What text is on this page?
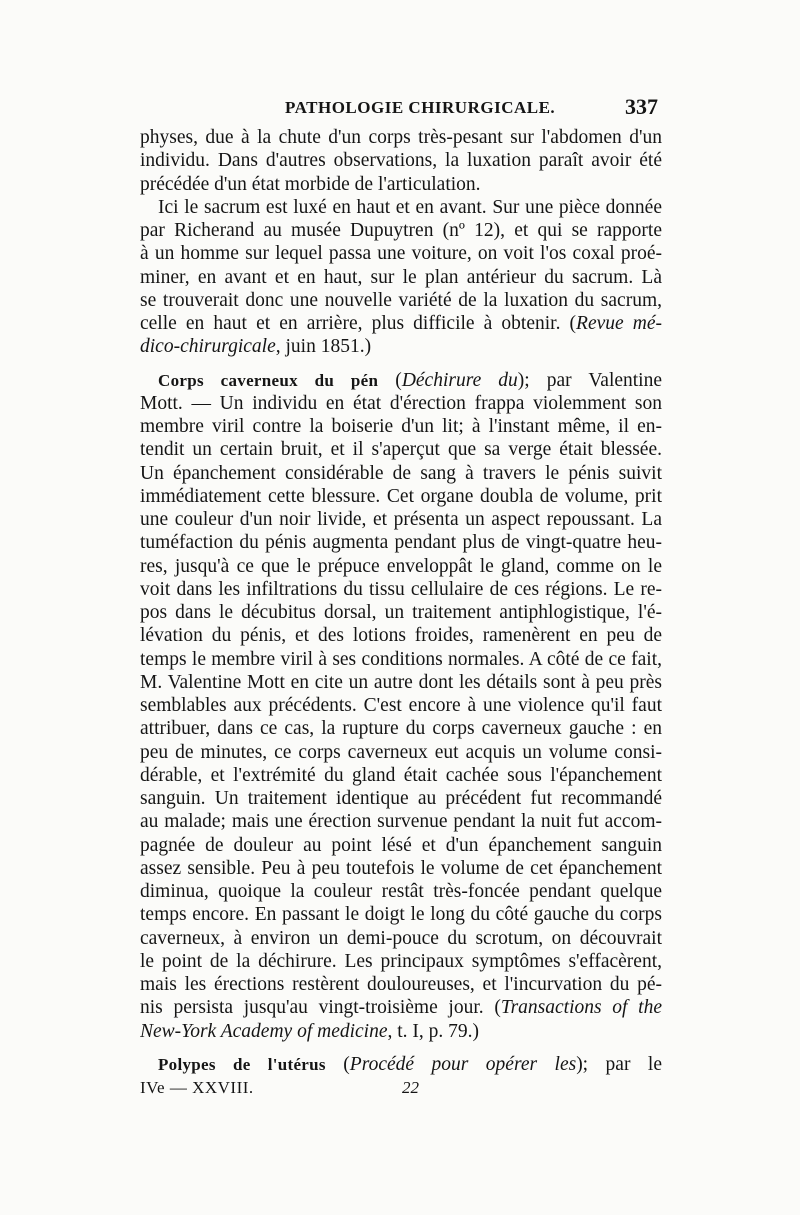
PATHOLOGIE CHIRURGICALE.	337
physes, due à la chute d'un corps très-pesant sur l'abdomen d'un
individu. Dans d'autres observations, la luxation paraît avoir été
précédée d'un état morbide de l'articulation.
Ici le sacrum est luxé en haut et en avant. Sur une pièce donnée
par Richerand au musée Dupuytren (nº 12), et qui se rapporte
à un homme sur lequel passa une voiture, on voit l'os coxal proé-
miner, en avant et en haut, sur le plan antérieur du sacrum. Là
se trouverait donc une nouvelle variété de la luxation du sacrum,
celle en haut et en arrière, plus difficile à obtenir. (Revue mé-
dico-chirurgicale, juin 1851.)
Corps caverneux du pén (Déchirure du); par Valentine
Mott. — Un individu en état d'érection frappa violemment son
membre viril contre la boiserie d'un lit; à l'instant même, il en-
tendit un certain bruit, et il s'aperçut que sa verge était blessée.
Un épanchement considérable de sang à travers le pénis suivit
immédiatement cette blessure. Cet organe doubla de volume, prit
une couleur d'un noir livide, et présenta un aspect repoussant. La
tuméfaction du pénis augmenta pendant plus de vingt-quatre heu-
res, jusqu'à ce que le prépuce enveloppât le gland, comme on le
voit dans les infiltrations du tissu cellulaire de ces régions. Le re-
pos dans le décubitus dorsal, un traitement antiphlogistique, l'é-
lévation du pénis, et des lotions froides, ramenèrent en peu de
temps le membre viril à ses conditions normales. A côté de ce fait,
M. Valentine Mott en cite un autre dont les détails sont à peu près
semblables aux précédents. C'est encore à une violence qu'il faut
attribuer, dans ce cas, la rupture du corps caverneux gauche : en
peu de minutes, ce corps caverneux eut acquis un volume consi-
dérable, et l'extrémité du gland était cachée sous l'épanchement
sanguin. Un traitement identique au précédent fut recommandé
au malade; mais une érection survenue pendant la nuit fut accom-
pagnée de douleur au point lésé et d'un épanchement sanguin
assez sensible. Peu à peu toutefois le volume de cet épanchement
diminua, quoique la couleur restât très-foncée pendant quelque
temps encore. En passant le doigt le long du côté gauche du corps
caverneux, à environ un demi-pouce du scrotum, on découvrait
le point de la déchirure. Les principaux symptômes s'effacèrent,
mais les érections restèrent douloureuses, et l'incurvation du pé-
nis persista jusqu'au vingt-troisième jour. (Transactions of the
New-York Academy of medicine, t. I, p. 79.)
Polypes de l'utérus (Procédé pour opérer les); par le
IVe — XXVIII.	22
